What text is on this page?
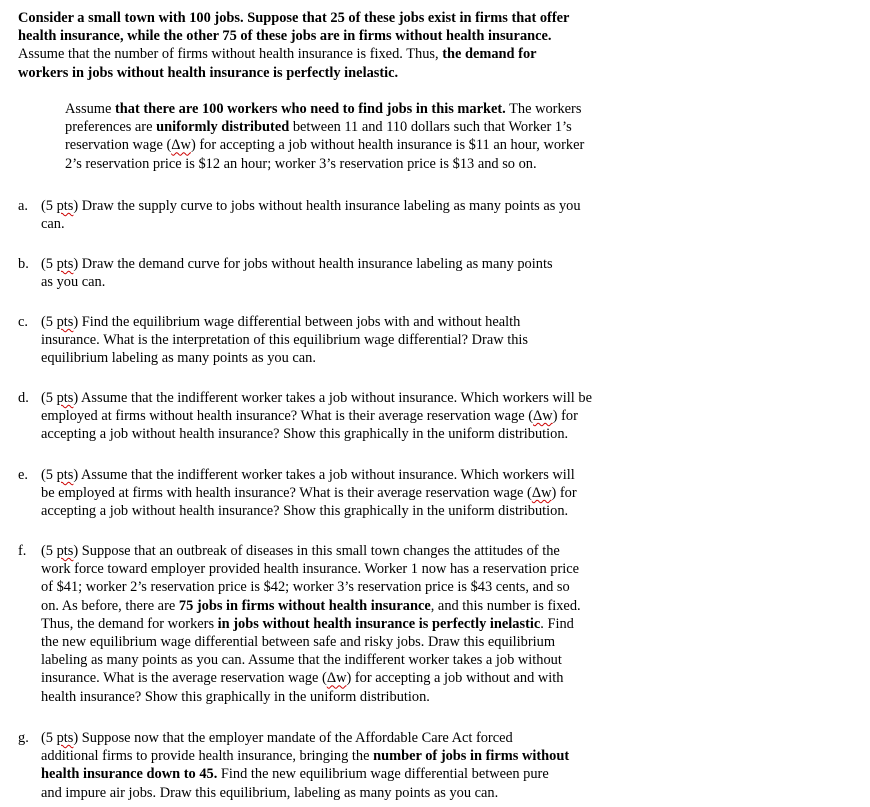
Consider a small town with 100 jobs. Suppose that 25 of these jobs exist in firms that offer
health insurance, while the other 75 of these jobs are in firms without health insurance.
Assume that the number of firms without health insurance is fixed. Thus, the demand for
workers in jobs without health insurance is perfectly inelastic.
Assume that there are 100 workers who need to find jobs in this market. The workers
preferences are uniformly distributed between 11 and 110 dollars such that Worker 1’s
reservation wage (Δw) for accepting a job without health insurance is $11 an hour, worker
2’s reservation price is $12 an hour; worker 3’s reservation price is $13 and so on.
a. (5 pts) Draw the supply curve to jobs without health insurance labeling as many points as you
can.
b. (5 pts) Draw the demand curve for jobs without health insurance labeling as many points
as you can.
c. (5 pts) Find the equilibrium wage differential between jobs with and without health
insurance. What is the interpretation of this equilibrium wage differential? Draw this
equilibrium labeling as many points as you can.
d. (5 pts) Assume that the indifferent worker takes a job without insurance. Which workers will be
employed at firms without health insurance? What is their average reservation wage (Δw) for
accepting a job without health insurance? Show this graphically in the uniform distribution.
e. (5 pts) Assume that the indifferent worker takes a job without insurance. Which workers will
be employed at firms with health insurance? What is their average reservation wage (Δw) for
accepting a job without health insurance? Show this graphically in the uniform distribution.
f. (5 pts) Suppose that an outbreak of diseases in this small town changes the attitudes of the
work force toward employer provided health insurance. Worker 1 now has a reservation price
of $41; worker 2’s reservation price is $42; worker 3’s reservation price is $43 cents, and so
on. As before, there are 75 jobs in firms without health insurance, and this number is fixed.
Thus, the demand for workers in jobs without health insurance is perfectly inelastic. Find
the new equilibrium wage differential between safe and risky jobs. Draw this equilibrium
labeling as many points as you can. Assume that the indifferent worker takes a job without
insurance. What is the average reservation wage (Δw) for accepting a job without and with
health insurance? Show this graphically in the uniform distribution.
g. (5 pts) Suppose now that the employer mandate of the Affordable Care Act forced
additional firms to provide health insurance, bringing the number of jobs in firms without
health insurance down to 45. Find the new equilibrium wage differential between pure
and impure air jobs. Draw this equilibrium, labeling as many points as you can.
